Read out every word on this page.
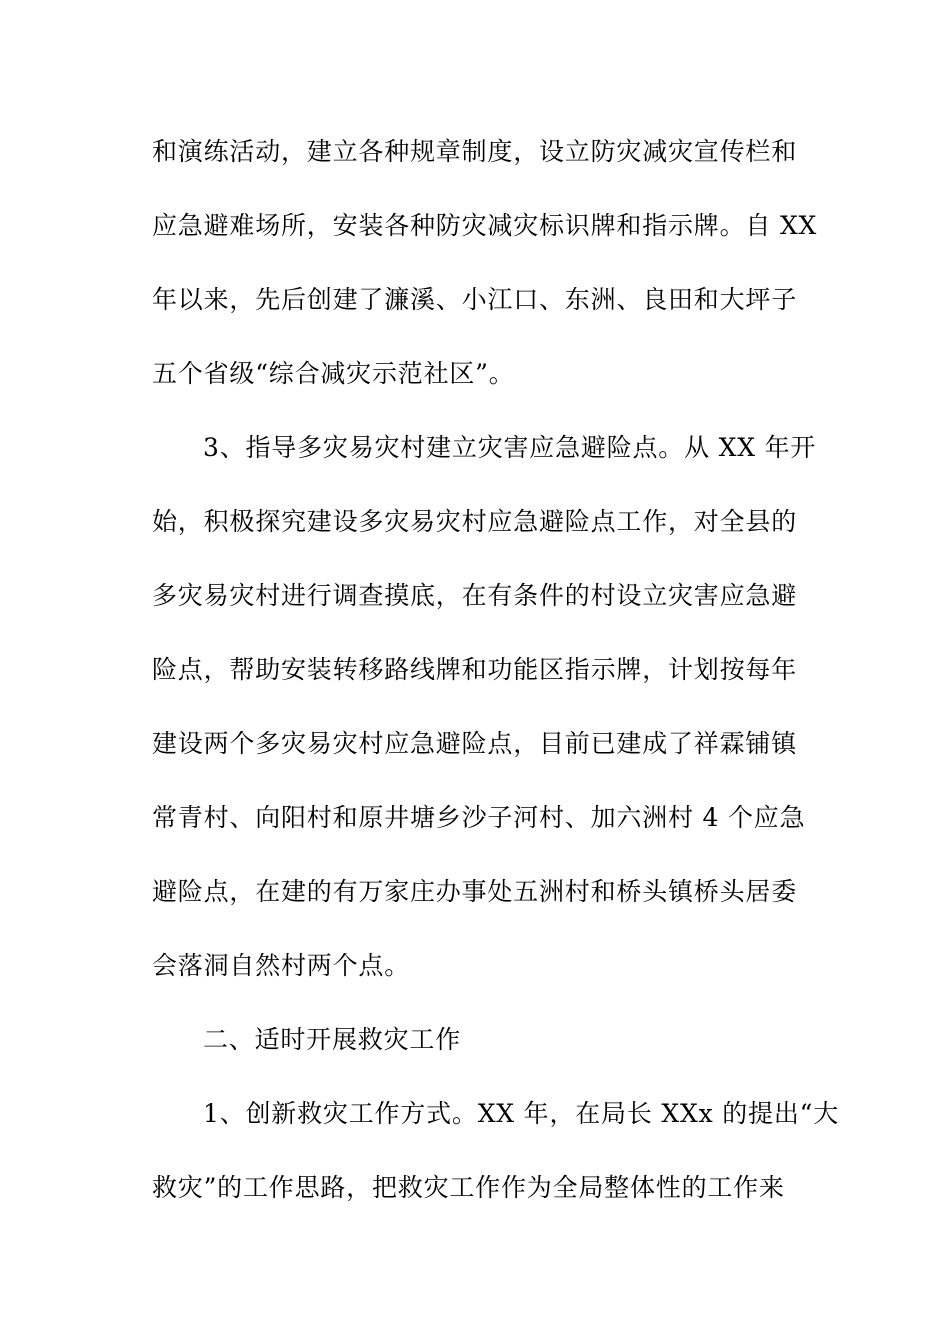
和演练活动，建立各种规章制度，设立防灾减灾宣传栏和

应急避难场所，安装各种防灾减灾标识牌和指示牌。自 XX

年以来，先后创建了濂溪、小江口、东洲、良田和大坪子

五个省级“综合减灾示范社区”。

3、指导多灾易灾村建立灾害应急避险点。从 XX 年开

始，积极探究建设多灾易灾村应急避险点工作，对全县的

多灾易灾村进行调查摸底，在有条件的村设立灾害应急避

险点，帮助安装转移路线牌和功能区指示牌，计划按每年

建设两个多灾易灾村应急避险点，目前已建成了祥霖铺镇

常青村、向阳村和原井塘乡沙子河村、加六洲村 4 个应急

避险点，在建的有万家庄办事处五洲村和桥头镇桥头居委

会落洞自然村两个点。

二、适时开展救灾工作

1、创新救灾工作方式。XX 年，在局长 XXx 的提出“大

救灾”的工作思路，把救灾工作作为全局整体性的工作来
